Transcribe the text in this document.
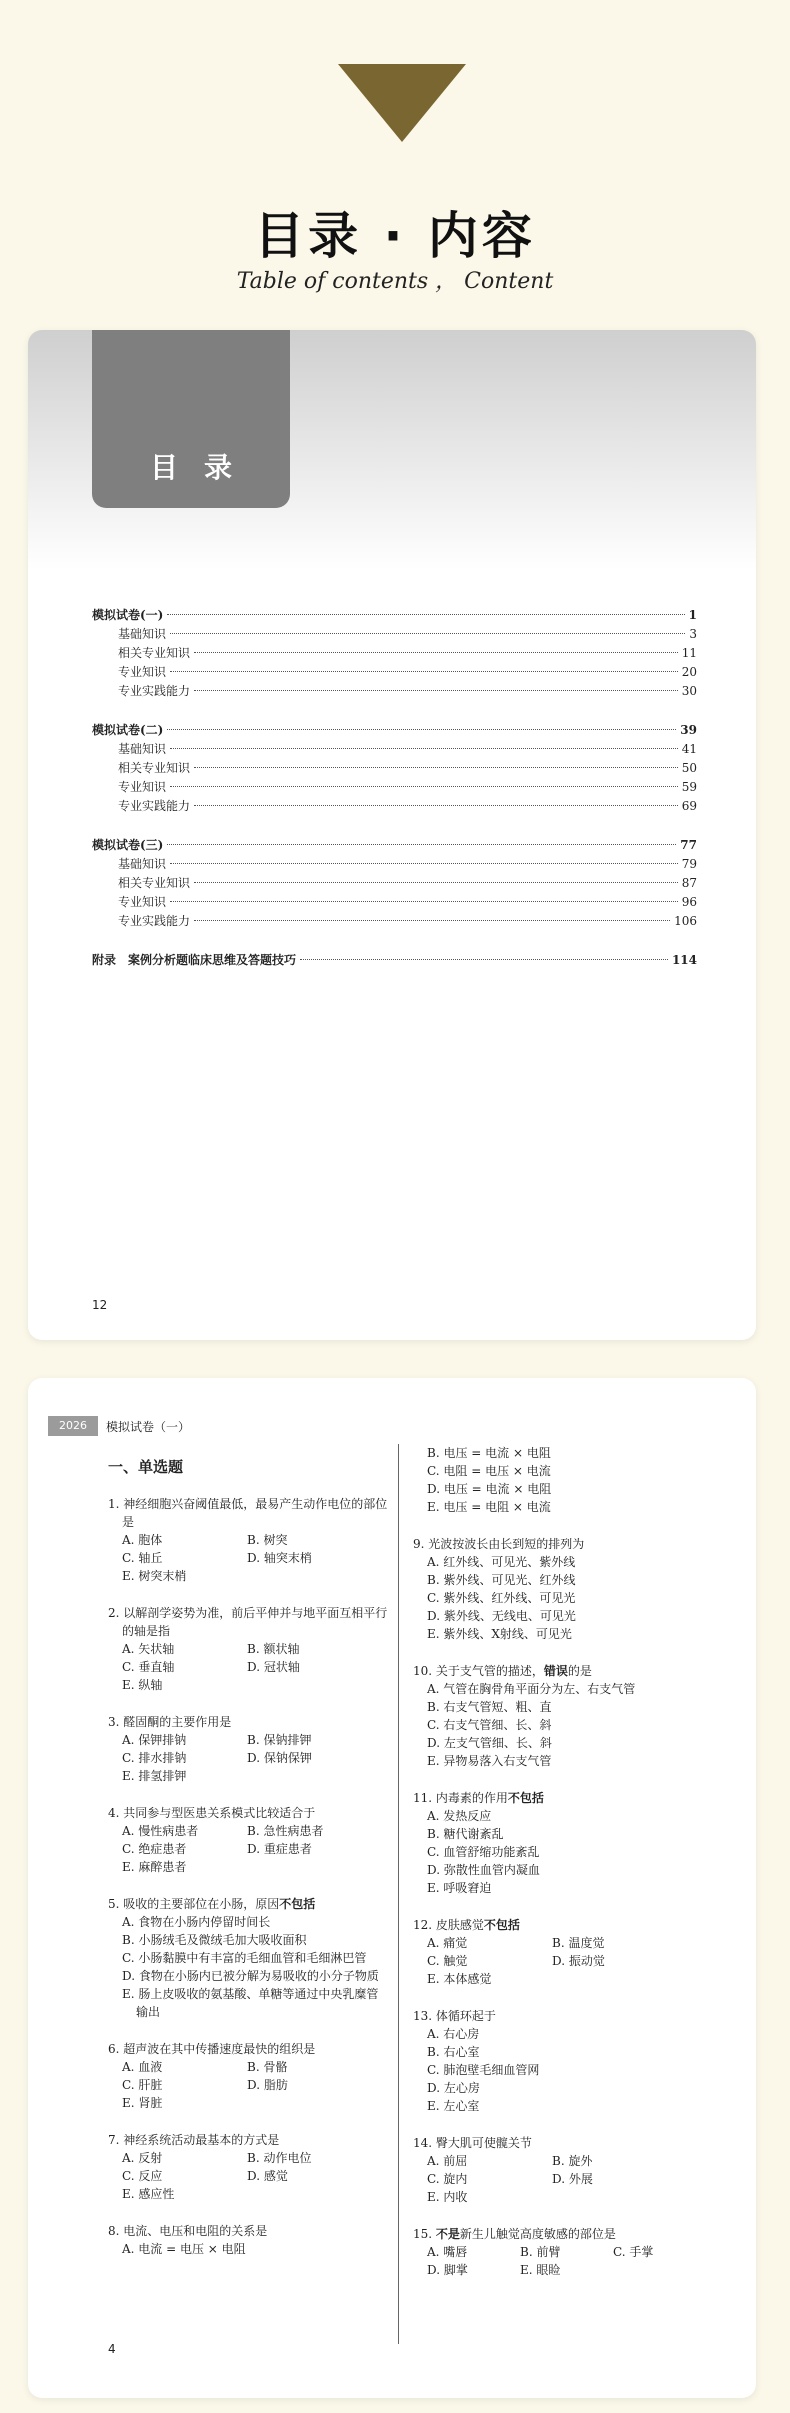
目录 · 内容
Table of contents ， Content
目录
模拟试卷(一)	1
基础知识	3
相关专业知识	11
专业知识	20
专业实践能力	30
模拟试卷(二)	39
基础知识	41
相关专业知识	50
专业知识	59
专业实践能力	69
模拟试卷(三)	77
基础知识	79
相关专业知识	87
专业知识	96
专业实践能力	106
附录　案例分析题临床思维及答题技巧	114
12
2026	模拟试卷（一）
一、单选题
1. 神经细胞兴奋阈值最低，最易产生动作电位的部位是
A. 胞体	B. 树突
C. 轴丘	D. 轴突末梢
E. 树突末梢
2. 以解剖学姿势为准，前后平伸并与地平面互相平行的轴是指
A. 矢状轴	B. 额状轴
C. 垂直轴	D. 冠状轴
E. 纵轴
3. 醛固酮的主要作用是
A. 保钾排钠	B. 保钠排钾
C. 排水排钠	D. 保钠保钾
E. 排氢排钾
4. 共同参与型医患关系模式比较适合于
A. 慢性病患者	B. 急性病患者
C. 绝症患者	D. 重症患者
E. 麻醉患者
5. 吸收的主要部位在小肠，原因不包括
A. 食物在小肠内停留时间长
B. 小肠绒毛及微绒毛加大吸收面积
C. 小肠黏膜中有丰富的毛细血管和毛细淋巴管
D. 食物在小肠内已被分解为易吸收的小分子物质
E. 肠上皮吸收的氨基酸、单糖等通过中央乳糜管输出
6. 超声波在其中传播速度最快的组织是
A. 血液	B. 骨骼
C. 肝脏	D. 脂肪
E. 肾脏
7. 神经系统活动最基本的方式是
A. 反射	B. 动作电位
C. 反应	D. 感觉
E. 感应性
8. 电流、电压和电阻的关系是
A. 电流 = 电压 × 电阻
B. 电压 = 电流 × 电阻
C. 电阻 = 电压 × 电流
D. 电压 = 电流 × 电阻
E. 电压 = 电阻 × 电流
9. 光波按波长由长到短的排列为
A. 红外线、可见光、紫外线
B. 紫外线、可见光、红外线
C. 紫外线、红外线、可见光
D. 紫外线、无线电、可见光
E. 紫外线、X射线、可见光
10. 关于支气管的描述，错误的是
A. 气管在胸骨角平面分为左、右支气管
B. 右支气管短、粗、直
C. 右支气管细、长、斜
D. 左支气管细、长、斜
E. 异物易落入右支气管
11. 内毒素的作用不包括
A. 发热反应
B. 糖代谢紊乱
C. 血管舒缩功能紊乱
D. 弥散性血管内凝血
E. 呼吸窘迫
12. 皮肤感觉不包括
A. 痛觉	B. 温度觉
C. 触觉	D. 振动觉
E. 本体感觉
13. 体循环起于
A. 右心房
B. 右心室
C. 肺泡壁毛细血管网
D. 左心房
E. 左心室
14. 臀大肌可使髋关节
A. 前屈	B. 旋外
C. 旋内	D. 外展
E. 内收
15. 不是新生儿触觉高度敏感的部位是
A. 嘴唇	B. 前臂	C. 手掌
D. 脚掌	E. 眼睑
4
